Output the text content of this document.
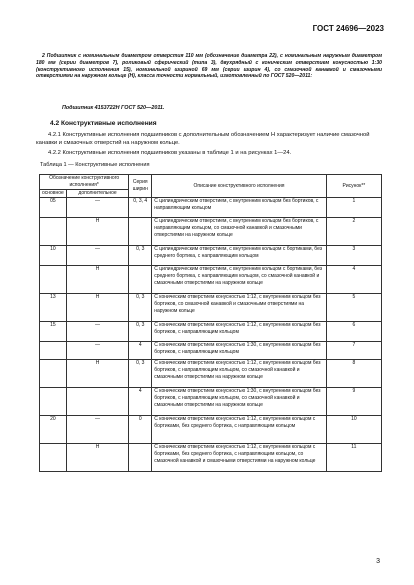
ГОСТ 24696—2023
2 Подшипник с номинальным диаметром отверстия 110 мм (обозначение диаметра 22), с номинальным наружным диаметром 180 мм (серии диаметров 7), роликовый сферический (типа 3), двухрядный с коническим отверстием конусностью 1:30 (конструктивного исполнения 15), номинальной шириной 69 мм (серии ширин 4), со смазочной канавкой и смазочными отверстиями на наружном кольце (Н), класса точности нормальный, изготовленный по ГОСТ 520—2011:
Подшипник 4153722Н ГОСТ 520—2011.
4.2 Конструктивные исполнения
4.2.1 Конструктивные исполнения подшипников с дополнительным обозначением Н характеризует наличие смазочной канавки и смазочных отверстий на наружном кольце.
4.2.2 Конструктивные исполнения подшипников указаны в таблице 1 и на рисунках 1—24.
Таблица 1 — Конструктивные исполнения
Обозначение конструктивного исполнения*		Серия ширин	Описание конструктивного исполнения	Рисунок**
основное	дополнительное			
05	—	0, 3, 4	С цилиндрическим отверстием, с внутренним кольцом без бортиков, с направляющим кольцом	1
	Н		С цилиндрическим отверстием, с внутренним кольцом без бортиков, с направляющим кольцом, со смазочной канавкой и смазочными отверстиями на наружном кольце	2
10	—	0, 3	С цилиндрическим отверстием, с внутренним кольцом с бортиками, без среднего бортика, с направляющим кольцом	3
	Н		С цилиндрическим отверстием, с внутренним кольцом с бортиками, без среднего бортика, с направляющим кольцом, со смазочной канавкой и смазочными отверстиями на наружном кольце	4
13	Н	0, 3	С коническим отверстием конусностью 1:12, с внутренним кольцом без бортиков, со смазочной канавкой и смазочными отверстиями на наружном кольце	5
15	—	0, 3	С коническим отверстием конусностью 1:12, с внутренним кольцом без бортиков, с направляющим кольцом	6
	—	4	С коническим отверстием конусностью 1:30, с внутренним кольцом без бортиков, с направляющим кольцом	7
	Н	0, 3	С коническим отверстием конусностью 1:12, с внутренним кольцом без бортиков, с направляющим кольцом, со смазочной канавкой и смазочными отверстиями на наружном кольце	8
		4	С коническим отверстием конусностью 1:30, с внутренним кольцом без бортиков, с направляющим кольцом, со смазочной канавкой и смазочными отверстиями на наружном кольце	9
20	—	0	С коническим отверстием конусностью 1:12, с внутренним кольцом с бортиками, без среднего бортика, с направляющим кольцом	10
	Н		С коническим отверстием конусностью 1:12, с внутренним кольцом с бортиками, без среднего бортика, с направляющим кольцом, со смазочной канавкой и смазочными отверстиями на наружном кольце	11
3
